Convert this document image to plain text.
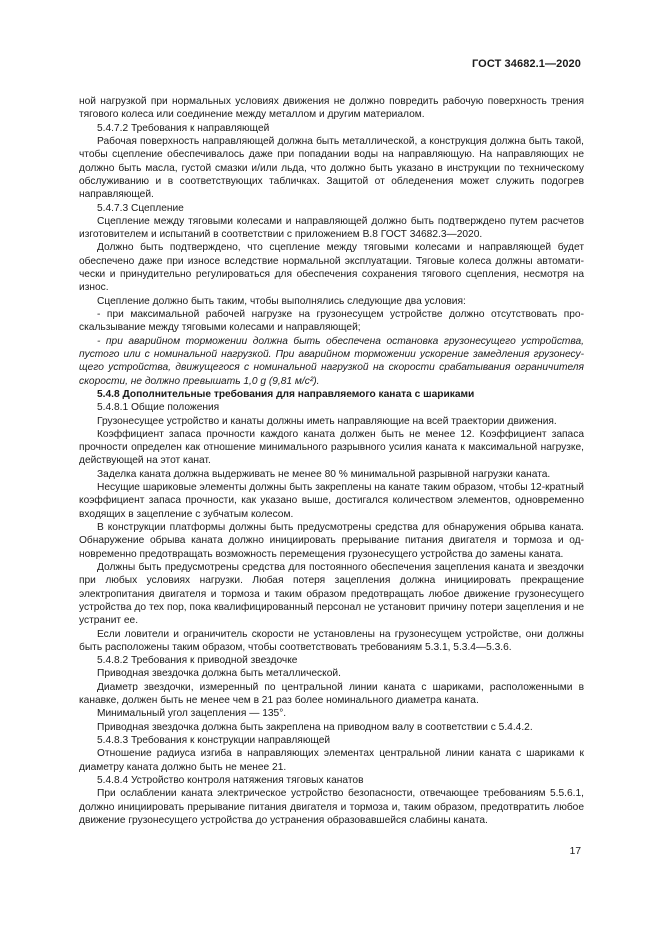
ГОСТ 34682.1—2020

ной нагрузкой при нормальных условиях движения не должно повредить рабочую поверхность трения тягового колеса или соединение между металлом и другим материалом.

5.4.7.2 Требования к направляющей

Рабочая поверхность направляющей должна быть металлической, а конструкция должна быть такой, чтобы сцепление обеспечивалось даже при попадании воды на направляющую. На направляющих не должно быть масла, густой смазки и/или льда, что должно быть указано в инструкции по техническому обслуживанию и в соответствующих табличках. Защитой от обледенения может служить подогрев направляющей.

5.4.7.3 Сцепление

Сцепление между тяговыми колесами и направляющей должно быть подтверждено путем расчетов изготовителем и испытаний в соответствии с приложением В.8 ГОСТ 34682.3—2020.

Должно быть подтверждено, что сцепление между тяговыми колесами и направляющей будет обеспечено даже при износе вследствие нормальной эксплуатации. Тяговые колеса должны автоматически и принудительно регулироваться для обеспечения сохранения тягового сцепления, несмотря на износ.

Сцепление должно быть таким, чтобы выполнялись следующие два условия:

- при максимальной рабочей нагрузке на грузонесущем устройстве должно отсутствовать проскальзывание между тяговыми колесами и направляющей;

- при аварийном торможении должна быть обеспечена остановка грузонесущего устройства, пустого или с номинальной нагрузкой. При аварийном торможении ускорение замедления грузонесущего устройства, движущегося с номинальной нагрузкой на скорости срабатывания ограничителя скорости, не должно превышать 1,0 g (9,81 м/с²).

5.4.8 Дополнительные требования для направляемого каната с шариками

5.4.8.1 Общие положения

Грузонесущее устройство и канаты должны иметь направляющие на всей траектории движения.

Коэффициент запаса прочности каждого каната должен быть не менее 12. Коэффициент запаса прочности определен как отношение минимального разрывного усилия каната к максимальной нагрузке, действующей на этот канат.

Заделка каната должна выдерживать не менее 80 % минимальной разрывной нагрузки каната.

Несущие шариковые элементы должны быть закреплены на канате таким образом, чтобы 12-кратный коэффициент запаса прочности, как указано выше, достигался количеством элементов, одновременно входящих в зацепление с зубчатым колесом.

В конструкции платформы должны быть предусмотрены средства для обнаружения обрыва каната. Обнаружение обрыва каната должно инициировать прерывание питания двигателя и тормоза и одновременно предотвращать возможность перемещения грузонесущего устройства до замены каната.

Должны быть предусмотрены средства для постоянного обеспечения зацепления каната и звездочки при любых условиях нагрузки. Любая потеря зацепления должна инициировать прекращение электропитания двигателя и тормоза и таким образом предотвращать любое движение грузонесущего устройства до тех пор, пока квалифицированный персонал не установит причину потери зацепления и не устранит ее.

Если ловители и ограничитель скорости не установлены на грузонесущем устройстве, они должны быть расположены таким образом, чтобы соответствовать требованиям 5.3.1, 5.3.4—5.3.6.

5.4.8.2 Требования к приводной звездочке

Приводная звездочка должна быть металлической.

Диаметр звездочки, измеренный по центральной линии каната с шариками, расположенными в канавке, должен быть не менее чем в 21 раз более номинального диаметра каната.

Минимальный угол зацепления — 135°.

Приводная звездочка должна быть закреплена на приводном валу в соответствии с 5.4.4.2.

5.4.8.3 Требования к конструкции направляющей

Отношение радиуса изгиба в направляющих элементах центральной линии каната с шариками к диаметру каната должно быть не менее 21.

5.4.8.4 Устройство контроля натяжения тяговых канатов

При ослаблении каната электрическое устройство безопасности, отвечающее требованиям 5.5.6.1, должно инициировать прерывание питания двигателя и тормоза и, таким образом, предотвратить любое движение грузонесущего устройства до устранения образовавшейся слабины каната.

17
